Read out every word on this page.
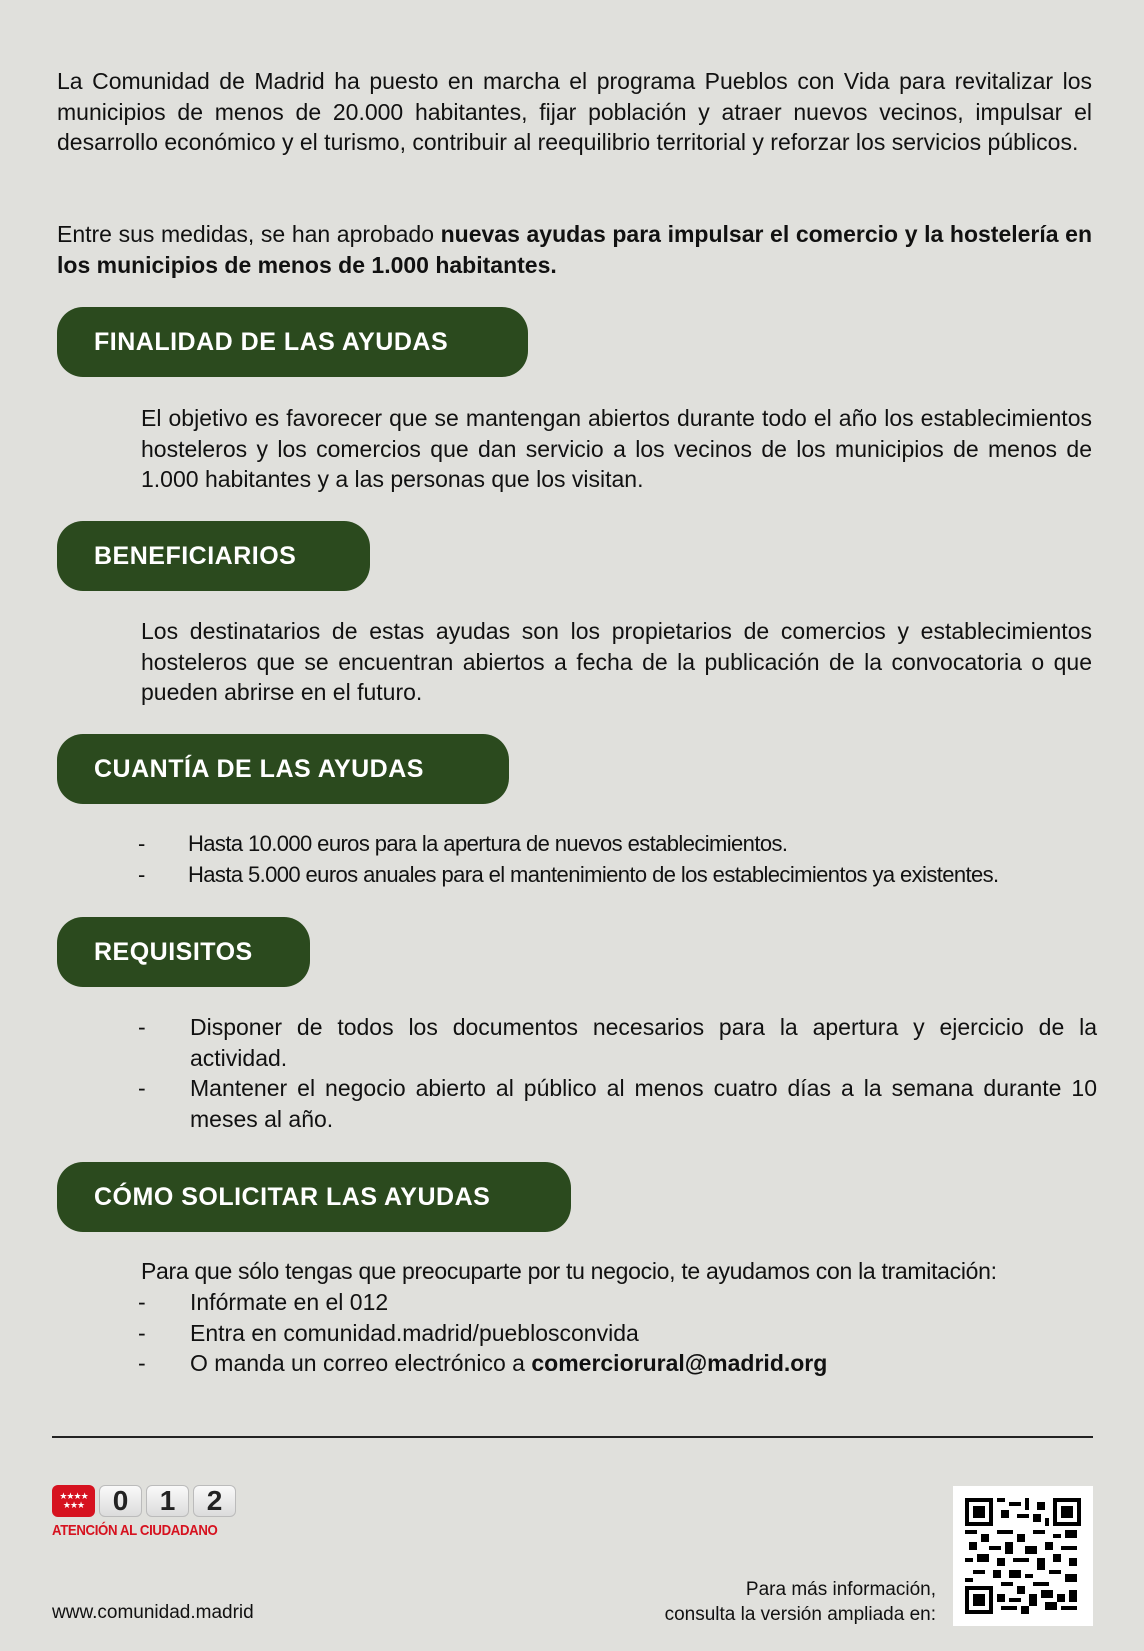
La Comunidad de Madrid ha puesto en marcha el programa Pueblos con Vida para revitalizar los municipios de menos de 20.000 habitantes, fijar población y atraer nuevos vecinos, impulsar el desarrollo económico y el turismo, contribuir al reequilibrio territorial y reforzar los servicios públicos.

Entre sus medidas, se han aprobado nuevas ayudas para impulsar el comercio y la hostelería en los municipios de menos de 1.000 habitantes.

FINALIDAD DE LAS AYUDAS

El objetivo es favorecer que se mantengan abiertos durante todo el año los establecimientos hosteleros y los comercios que dan servicio a los vecinos de los municipios de menos de 1.000 habitantes y a las personas que los visitan.

BENEFICIARIOS

Los destinatarios de estas ayudas son los propietarios de comercios y establecimientos hosteleros que se encuentran abiertos a fecha de la publicación de la convocatoria o que pueden abrirse en el futuro.

CUANTÍA DE LAS AYUDAS
- Hasta 10.000 euros para la apertura de nuevos establecimientos.
- Hasta 5.000 euros anuales para el mantenimiento de los establecimientos ya existentes.
REQUISITOS
- Disponer de todos los documentos necesarios para la apertura y ejercicio de la actividad.
- Mantener el negocio abierto al público al menos cuatro días a la semana durante 10 meses al año.
CÓMO SOLICITAR LAS AYUDAS

Para que sólo tengas que preocuparte por tu negocio, te ayudamos con la tramitación:

- Infórmate en el 012
- Entra en comunidad.madrid/pueblosconvida
- O manda un correo electrónico a comerciorural@madrid.org
★★★★
★★★	0	1	2
ATENCIÓN AL CIUDADANO
www.comunidad.madrid
Para más información,
consulta la versión ampliada en:
